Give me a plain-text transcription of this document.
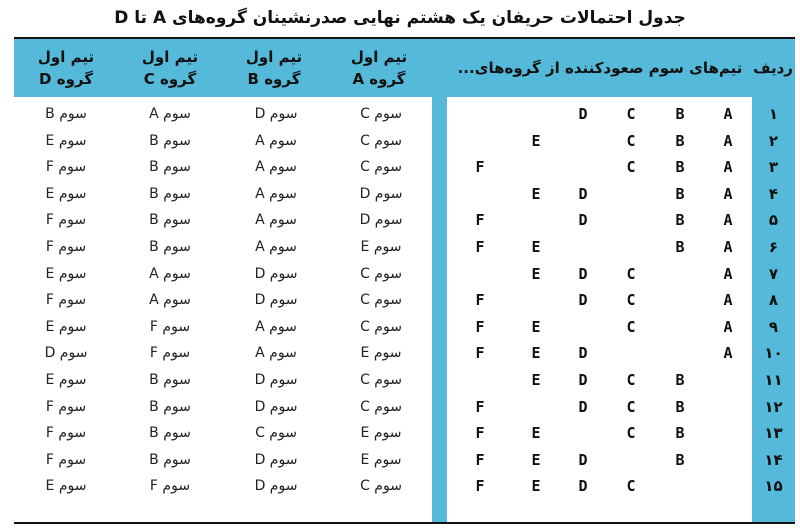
جدول احتمالات حریفان یک هشتم نهایی صدرنشینان گروه‌های A تا D
تیم اول
گروه D
تیم اول
گروه C
تیم اول
گروه B
تیم اول
گروه A
تیم‌های سوم صعودکننده از گروه‌های... ردیف
۱
A
B
C
D
سوم C
سوم D
سوم A
سوم B
۲
A
B
C
E
سوم C
سوم A
سوم B
سوم E
۳
A
B
C
F
سوم C
سوم A
سوم B
سوم F
۴
A
B
D
E
سوم D
سوم A
سوم B
سوم E
۵
A
B
D
F
سوم D
سوم A
سوم B
سوم F
۶
A
B
E
F
سوم E
سوم A
سوم B
سوم F
۷
A
C
D
E
سوم C
سوم D
سوم A
سوم E
۸
A
C
D
F
سوم C
سوم D
سوم A
سوم F
۹
A
C
E
F
سوم C
سوم A
سوم F
سوم E
۱۰
A
D
E
F
سوم E
سوم A
سوم F
سوم D
۱۱
B
C
D
E
سوم C
سوم D
سوم B
سوم E
۱۲
B
C
D
F
سوم C
سوم D
سوم B
سوم F
۱۳
B
C
E
F
سوم E
سوم C
سوم B
سوم F
۱۴
B
D
E
F
سوم E
سوم D
سوم B
سوم F
۱۵
C
D
E
F
سوم C
سوم D
سوم F
سوم E
